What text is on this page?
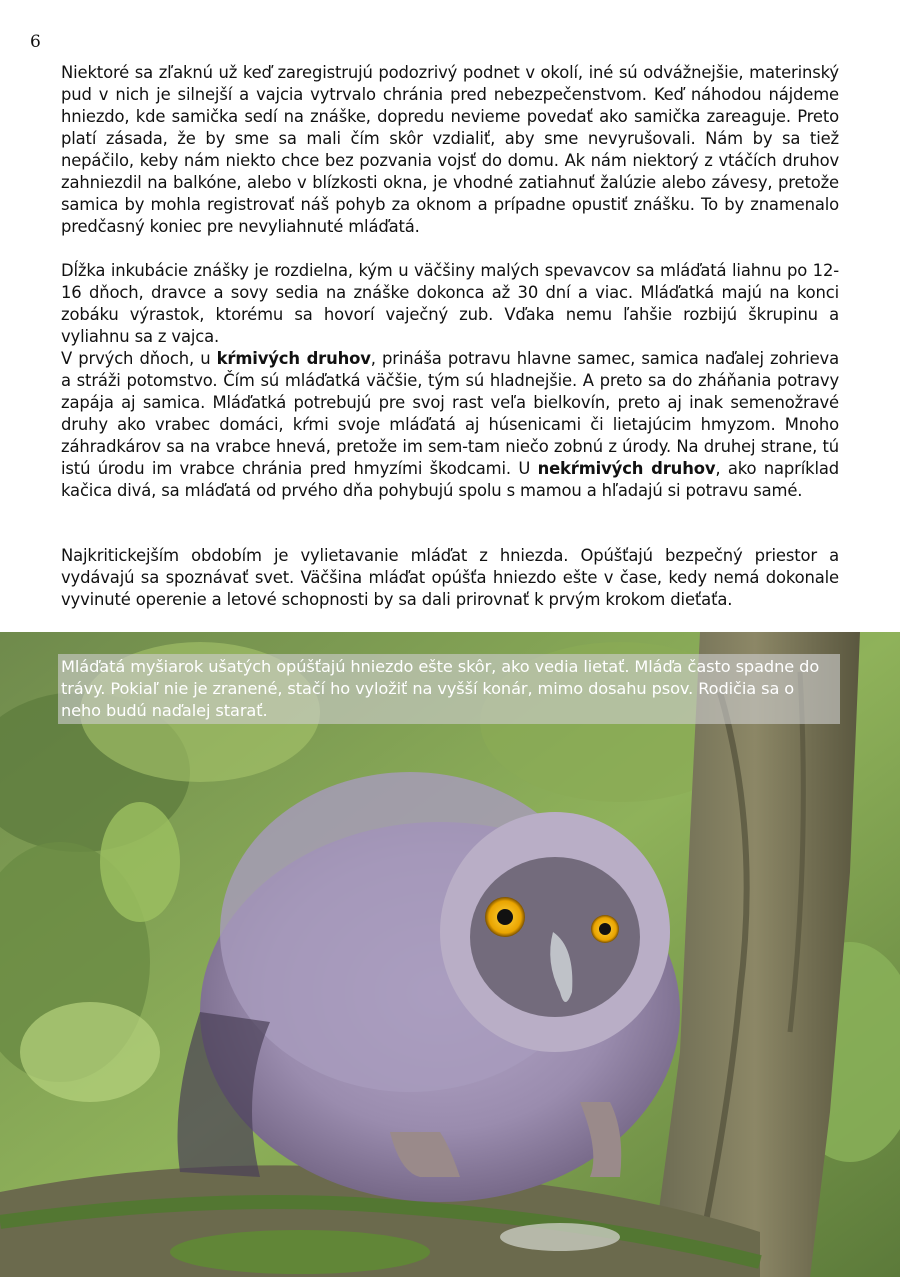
6

Niektoré sa zľaknú už keď zaregistrujú podozrivý podnet v okolí, iné sú odvážnejšie, materinský pud v nich je silnejší a vajcia vytrvalo chránia pred nebezpečenstvom. Keď náhodou nájdeme hniezdo, kde samička sedí na znáške, dopredu nevieme povedať ako samička zareaguje. Preto platí zásada, že by sme sa mali čím skôr vzdialiť, aby sme nevyrušovali. Nám by sa tiež nepáčilo, keby nám niekto chce bez pozvania vojsť do domu. Ak nám niektorý z vtáčích druhov zahniezdil na balkóne, alebo v blízkosti okna, je vhodné zatiahnuť žalúzie alebo závesy, pretože samica by mohla registrovať náš pohyb za oknom a prípadne opustiť znášku. To by znamenalo predčasný koniec pre nevyliahnuté mláďatá.

Dĺžka inkubácie znášky je rozdielna, kým u väčšiny malých spevavcov sa mláďatá liahnu po 12-16 dňoch, dravce a sovy sedia na znáške dokonca až 30 dní a viac. Mláďatká majú na konci zobáku výrastok, ktorému sa hovorí vaječný zub. Vďaka nemu ľahšie rozbijú škrupinu a vyliahnu sa z vajca.

V prvých dňoch, u kŕmivých druhov, prináša potravu hlavne samec, samica naďalej zohrieva a stráži potomstvo. Čím sú mláďatká väčšie, tým sú hladnejšie. A preto sa do zháňania potravy zapája aj samica. Mláďatká potrebujú pre svoj rast veľa bielkovín, preto aj inak semenožravé druhy ako vrabec domáci, kŕmi svoje mláďatá aj húsenicami či lietajúcim hmyzom. Mnoho záhradkárov sa na vrabce hnevá, pretože im sem-tam niečo zobnú z úrody. Na druhej strane, tú istú úrodu im vrabce chránia pred hmyzími škodcami. U nekŕmivých druhov, ako napríklad kačica divá, sa mláďatá od prvého dňa pohybujú spolu s mamou a hľadajú si potravu samé.

Najkritickejším obdobím je vylietavanie mláďat z hniezda. Opúšťajú bezpečný priestor a vydávajú sa spoznávať svet. Väčšina mláďat opúšťa hniezdo ešte v čase, kedy nemá dokonale vyvinuté operenie a letové schopnosti by sa dali prirovnať k prvým krokom dieťaťa.

Mláďatá myšiarok ušatých opúšťajú hniezdo ešte skôr, ako vedia lietať. Mláďa často spadne do trávy. Pokiaľ nie je zranené, stačí ho vyložiť na vyšší konár, mimo dosahu psov. Rodičia sa o neho budú naďalej starať.
